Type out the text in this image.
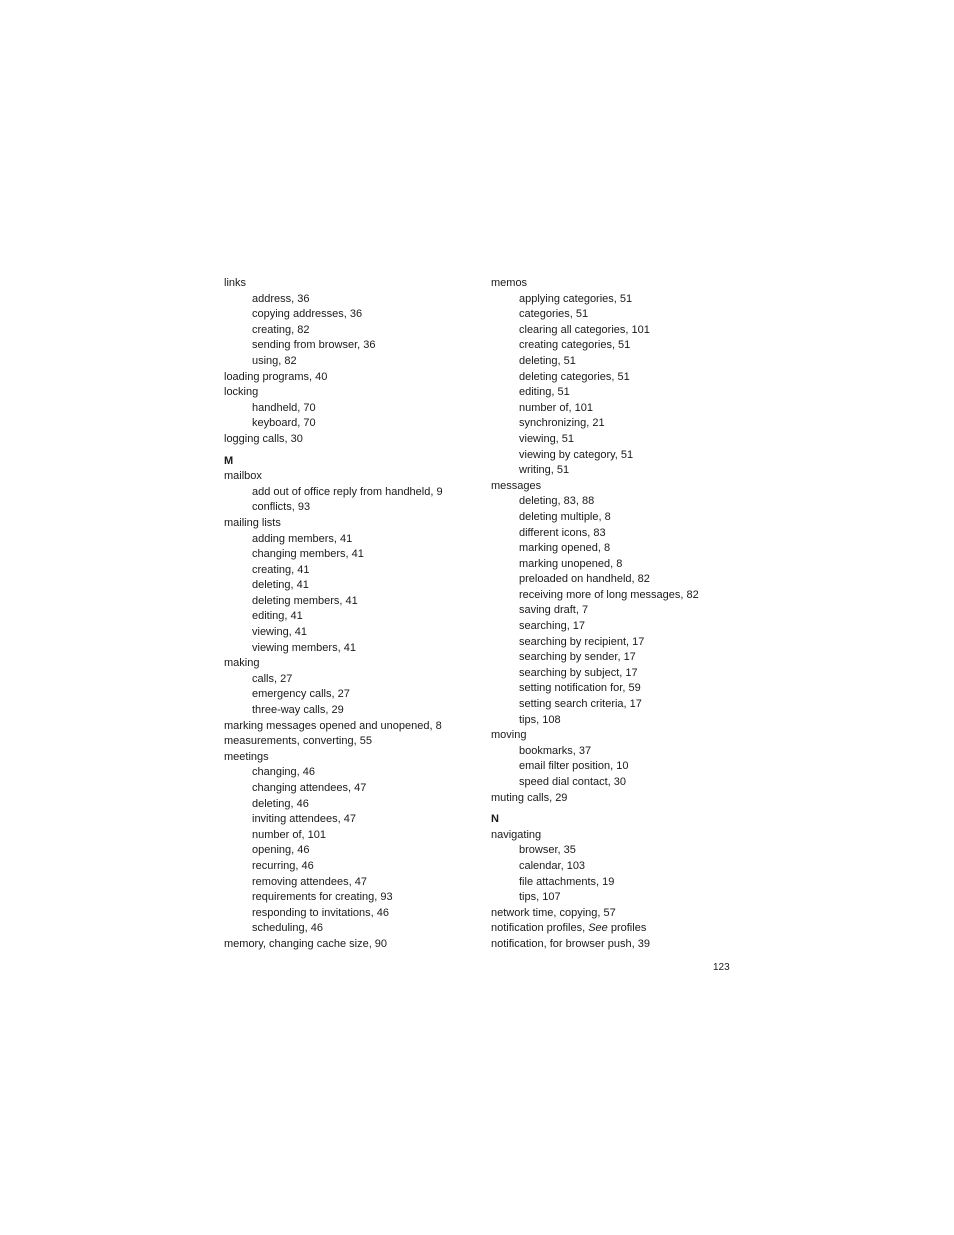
links
address, 36
copying addresses, 36
creating, 82
sending from browser, 36
using, 82
loading programs, 40
locking
handheld, 70
keyboard, 70
logging calls, 30
M
mailbox
add out of office reply from handheld, 9
conflicts, 93
mailing lists
adding members, 41
changing members, 41
creating, 41
deleting, 41
deleting members, 41
editing, 41
viewing, 41
viewing members, 41
making
calls, 27
emergency calls, 27
three-way calls, 29
marking messages opened and unopened, 8
measurements, converting, 55
meetings
changing, 46
changing attendees, 47
deleting, 46
inviting attendees, 47
number of, 101
opening, 46
recurring, 46
removing attendees, 47
requirements for creating, 93
responding to invitations, 46
scheduling, 46
memory, changing cache size, 90
memos
applying categories, 51
categories, 51
clearing all categories, 101
creating categories, 51
deleting, 51
deleting categories, 51
editing, 51
number of, 101
synchronizing, 21
viewing, 51
viewing by category, 51
writing, 51
messages
deleting, 83, 88
deleting multiple, 8
different icons, 83
marking opened, 8
marking unopened, 8
preloaded on handheld, 82
receiving more of long messages, 82
saving draft, 7
searching, 17
searching by recipient, 17
searching by sender, 17
searching by subject, 17
setting notification for, 59
setting search criteria, 17
tips, 108
moving
bookmarks, 37
email filter position, 10
speed dial contact, 30
muting calls, 29
N
navigating
browser, 35
calendar, 103
file attachments, 19
tips, 107
network time, copying, 57
notification profiles, See profiles
notification, for browser push, 39
123
